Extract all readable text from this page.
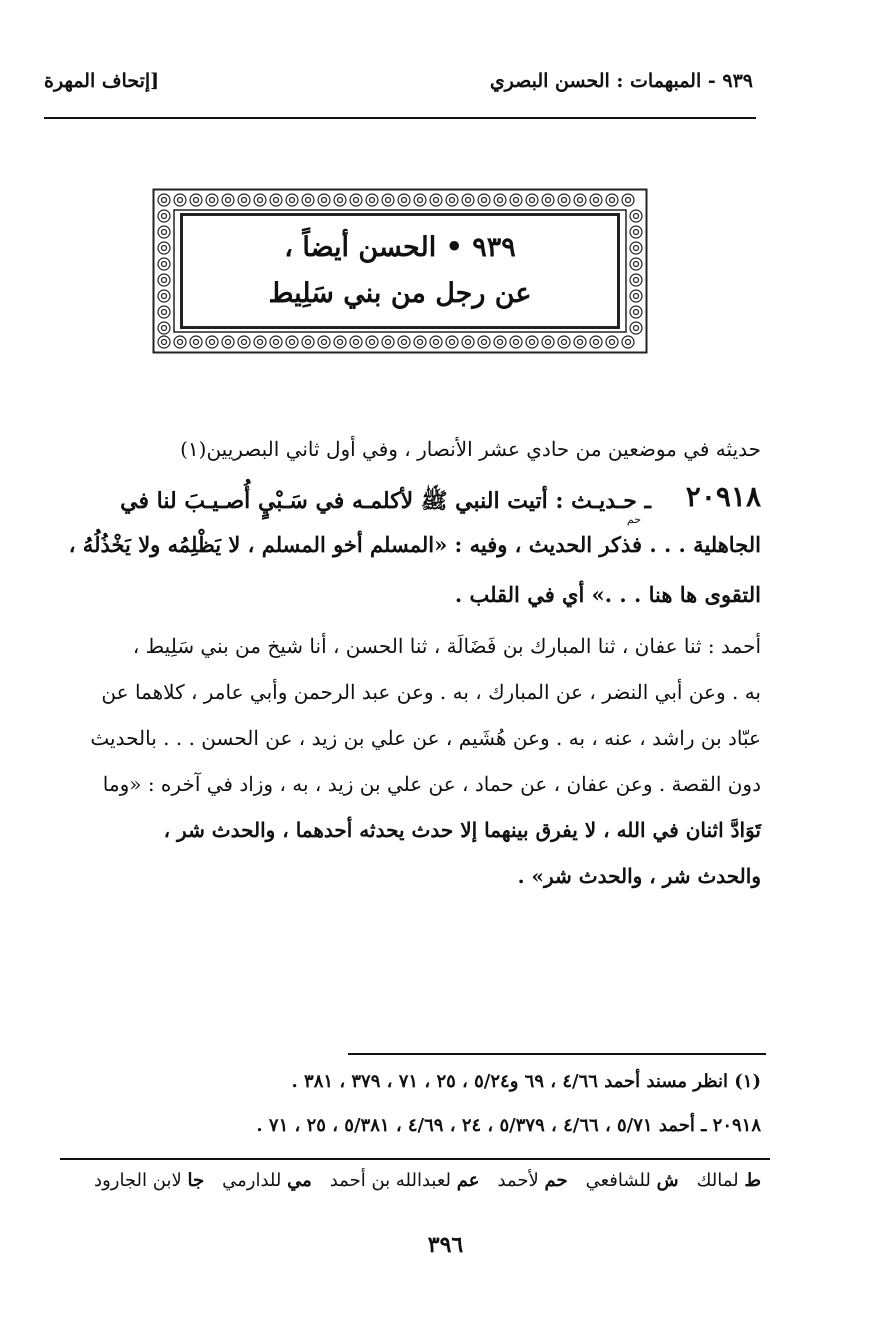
٩٣٩ - المبهمات : الحسن البصري
[إتحاف المهرة
٩٣٩ • الحسن أيضاً ،
عن رجل من بني سَلِيط
حديثه في موضعين من حادي عشر الأنصار ، وفي أول ثاني البصريين(١)
٢٠٩١٨
ـ حـديـث : أتيت النبي ﷺ لأكلمـه في سَـبْيٍ أُصـيـبَ لنا في
حم
الجاهلية . . . فذكر الحديث ، وفيه : «المسلم أخو المسلم ، لا يَظْلِمُه ولا يَخْذُلُهُ ،
التقوى ها هنا . . .» أي في القلب .
أحمد : ثنا عفان ، ثنا المبارك بن فَضَالَة ، ثنا الحسن ، أنا شيخ من بني سَلِيط ،
به . وعن أبي النضر ، عن المبارك ، به . وعن عبد الرحمن وأبي عامر ، كلاهما عن
عبّاد بن راشد ، عنه ، به . وعن هُشَيم ، عن علي بن زيد ، عن الحسن . . . بالحديث
دون القصة . وعن عفان ، عن حماد ، عن علي بن زيد ، به ، وزاد في آخره : «وما
تَوَادَّ اثنان في الله ، لا يفرق بينهما إلا حدث يحدثه أحدهما ، والحدث شر ،
والحدث شر ، والحدث شر» .
(١) انظر مسند أحمد ٤/٦٦ ، ٦٩ و٥/٢٤ ، ٢٥ ، ٧١ ، ٣٧٩ ، ٣٨١ .
٢٠٩١٨ ـ أحمد ٥/٧١ ، ٤/٦٦ ، ٥/٣٧٩ ، ٢٤ ، ٤/٦٩ ، ٥/٣٨١ ، ٢٥ ، ٧١ .
ط لمالك
ش للشافعي
حم لأحمد
عم لعبدالله بن أحمد
مي للدارمي
جا لابن الجارود
٣٩٦
